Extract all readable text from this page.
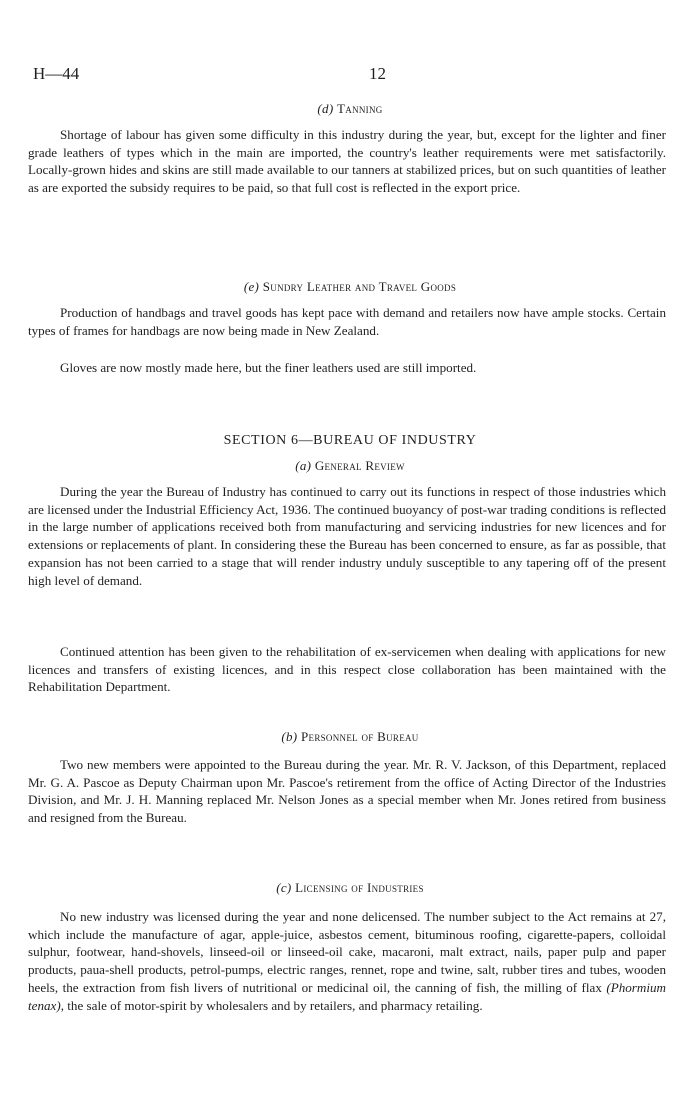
H—44	12
(d) Tanning

Shortage of labour has given some difficulty in this industry during the year, but, except for the lighter and finer grade leathers of types which in the main are imported, the country's leather requirements were met satisfactorily. Locally-grown hides and skins are still made available to our tanners at stabilized prices, but on such quantities of leather as are exported the subsidy requires to be paid, so that full cost is reflected in the export price.

(e) Sundry Leather and Travel Goods

Production of handbags and travel goods has kept pace with demand and retailers now have ample stocks. Certain types of frames for handbags are now being made in New Zealand.

Gloves are now mostly made here, but the finer leathers used are still imported.

SECTION 6—BUREAU OF INDUSTRY
(a) General Review

During the year the Bureau of Industry has continued to carry out its functions in respect of those industries which are licensed under the Industrial Efficiency Act, 1936. The continued buoyancy of post-war trading conditions is reflected in the large number of applications received both from manufacturing and servicing industries for new licences and for extensions or replacements of plant. In considering these the Bureau has been concerned to ensure, as far as possible, that expansion has not been carried to a stage that will render industry unduly susceptible to any tapering off of the present high level of demand.

Continued attention has been given to the rehabilitation of ex-servicemen when dealing with applications for new licences and transfers of existing licences, and in this respect close collaboration has been maintained with the Rehabilitation Department.

(b) Personnel of Bureau

Two new members were appointed to the Bureau during the year. Mr. R. V. Jackson, of this Department, replaced Mr. G. A. Pascoe as Deputy Chairman upon Mr. Pascoe's retirement from the office of Acting Director of the Industries Division, and Mr. J. H. Manning replaced Mr. Nelson Jones as a special member when Mr. Jones retired from business and resigned from the Bureau.

(c) Licensing of Industries

No new industry was licensed during the year and none delicensed. The number subject to the Act remains at 27, which include the manufacture of agar, apple-juice, asbestos cement, bituminous roofing, cigarette-papers, colloidal sulphur, footwear, hand-shovels, linseed-oil or linseed-oil cake, macaroni, malt extract, nails, paper pulp and paper products, paua-shell products, petrol-pumps, electric ranges, rennet, rope and twine, salt, rubber tires and tubes, wooden heels, the extraction from fish livers of nutritional or medicinal oil, the canning of fish, the milling of flax (Phormium tenax), the sale of motor-spirit by wholesalers and by retailers, and pharmacy retailing.
